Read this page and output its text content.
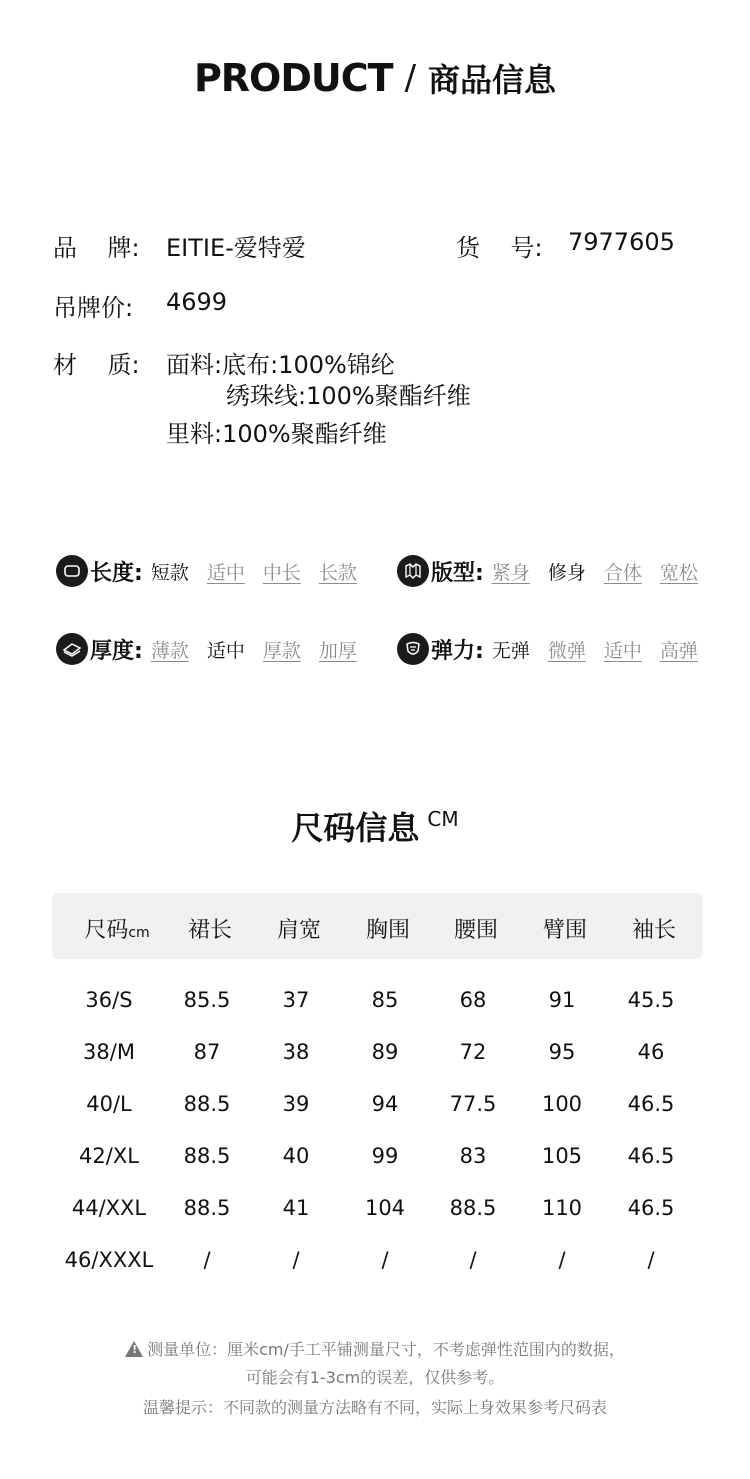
PRODUCT / 商品信息
品    牌: EITIE-爱特爱	货    号: 7977605
吊牌价: 4699
材    质: 面料:底布:100%锦纶
绣珠线:100%聚酯纤维
里料:100%聚酯纤维
长度: 短款 适中 中长 长款	版型: 紧身 修身 合体 宽松
厚度: 薄款 适中 厚款 加厚	弹力: 无弹 微弹 适中 高弹
尺码信息 CM
尺码cm 裙长 肩宽 胸围 腰围 臂围 袖长
36/S 85.5 37	85	68	91 45.5
38/M	87	38	89	72	95	46
40/L 88.5 39	94 77.5 100 46.5
42/XL 88.5 40	99	83	105 46.5
44/XXL 88.5 41	104 88.5 110 46.5
46/XXXL /	/	/	/	/	/
!测量单位：厘米cm/手工平铺测量尺寸，不考虑弹性范围内的数据，
可能会有1-3cm的误差，仅供参考。
温馨提示：不同款的测量方法略有不同，实际上身效果参考尺码表
